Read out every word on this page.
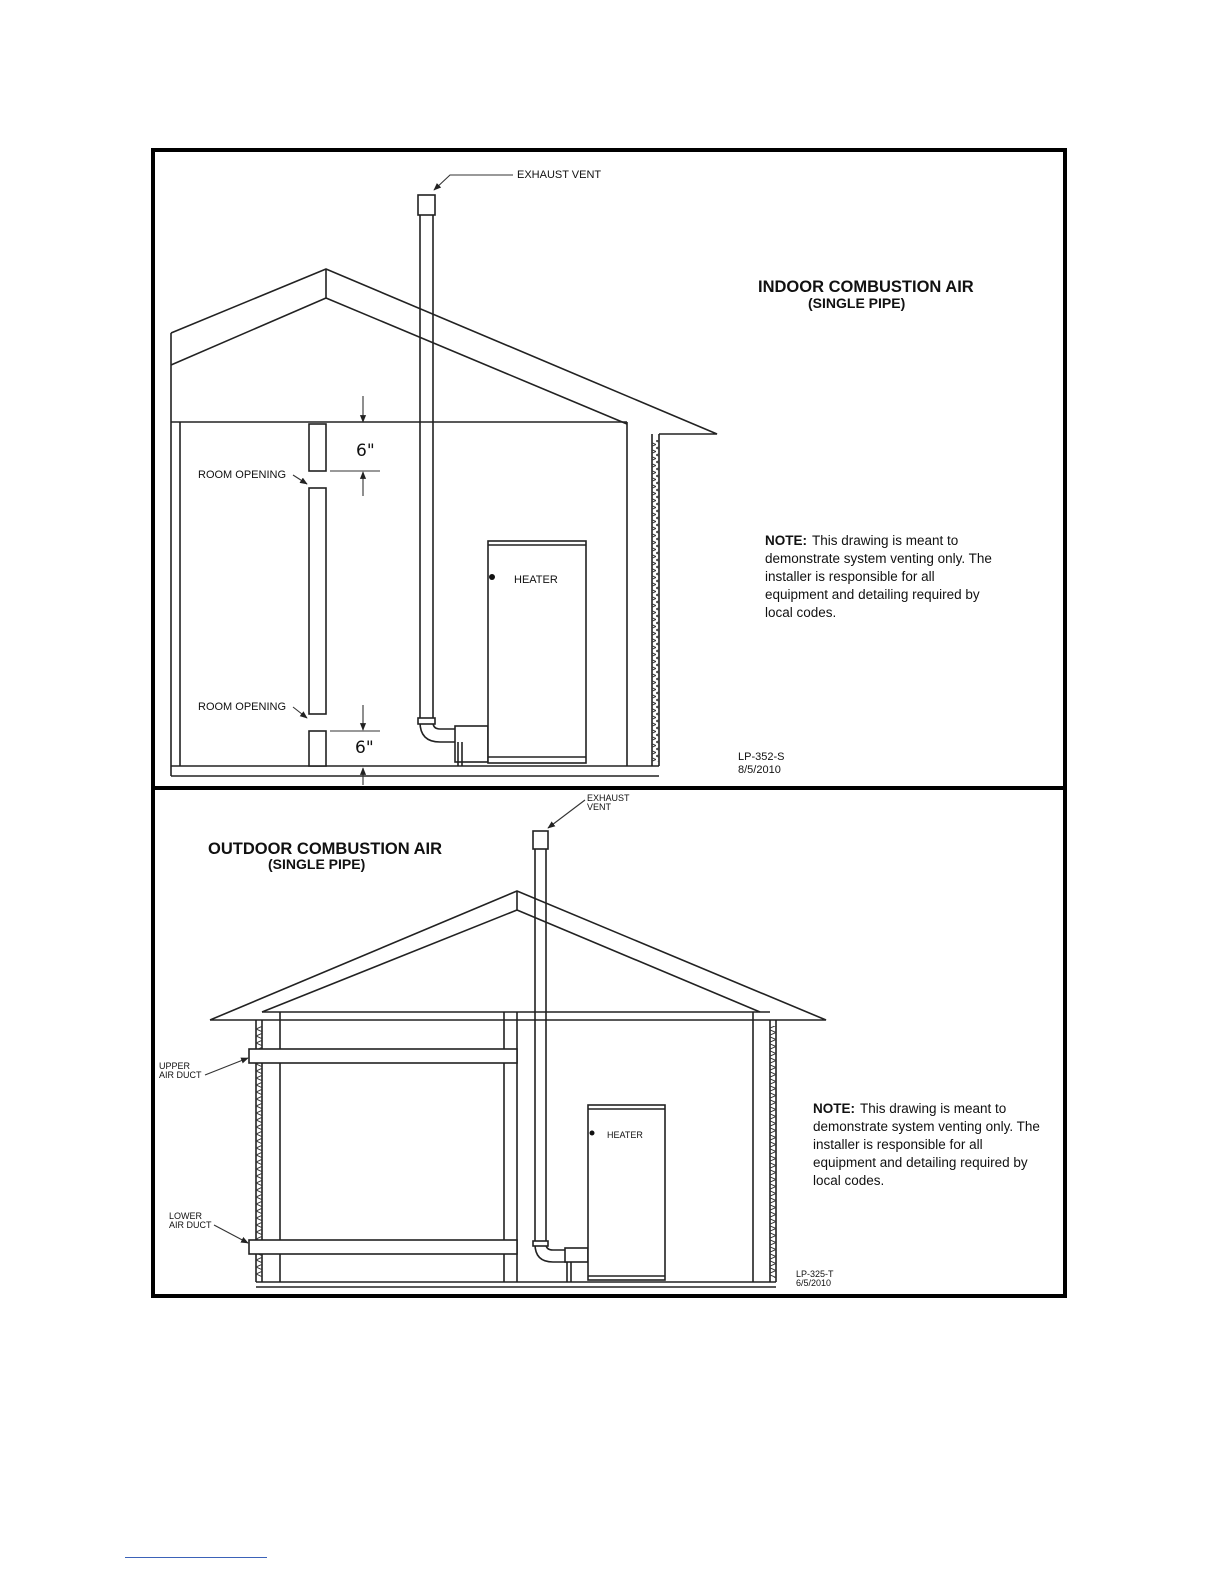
6"
6"
ROOM OPENING
ROOM OPENING
EXHAUST VENT
HEATER
INDOOR COMBUSTION AIR
(SINGLE PIPE)
NOTE: This drawing is meant to
demonstrate system venting only. The
installer is responsible for all
equipment and detailing required by
local codes.
LP-352-S
8/5/2010
UPPER
AIR DUCT
LOWER
AIR DUCT
EXHAUST
VENT
HEATER
OUTDOOR COMBUSTION AIR
(SINGLE PIPE)
NOTE: This drawing is meant to
demonstrate system venting only. The
installer is responsible for all
equipment and detailing required by
local codes.
LP-325-T
6/5/2010
